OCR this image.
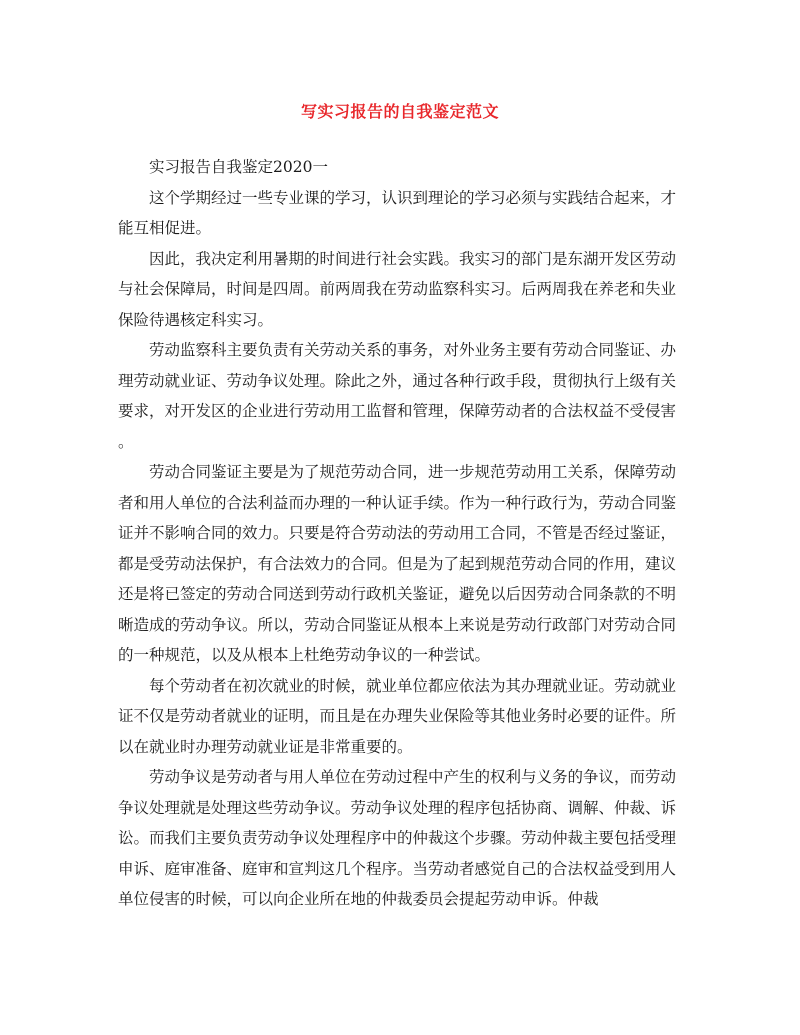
写实习报告的自我鉴定范文

实习报告自我鉴定2020一

这个学期经过一些专业课的学习，认识到理论的学习必须与实践结合起来，才能互相促进。

因此，我决定利用暑期的时间进行社会实践。我实习的部门是东湖开发区劳动与社会保障局，时间是四周。前两周我在劳动监察科实习。后两周我在养老和失业保险待遇核定科实习。

劳动监察科主要负责有关劳动关系的事务，对外业务主要有劳动合同鉴证、办理劳动就业证、劳动争议处理。除此之外，通过各种行政手段，贯彻执行上级有关要求，对开发区的企业进行劳动用工监督和管理，保障劳动者的合法权益不受侵害。

劳动合同鉴证主要是为了规范劳动合同，进一步规范劳动用工关系，保障劳动者和用人单位的合法利益而办理的一种认证手续。作为一种行政行为，劳动合同鉴证并不影响合同的效力。只要是符合劳动法的劳动用工合同，不管是否经过鉴证，都是受劳动法保护，有合法效力的合同。但是为了起到规范劳动合同的作用，建议还是将已签定的劳动合同送到劳动行政机关鉴证，避免以后因劳动合同条款的不明晰造成的劳动争议。所以，劳动合同鉴证从根本上来说是劳动行政部门对劳动合同的一种规范，以及从根本上杜绝劳动争议的一种尝试。

每个劳动者在初次就业的时候，就业单位都应依法为其办理就业证。劳动就业证不仅是劳动者就业的证明，而且是在办理失业保险等其他业务时必要的证件。所以在就业时办理劳动就业证是非常重要的。

劳动争议是劳动者与用人单位在劳动过程中产生的权利与义务的争议，而劳动争议处理就是处理这些劳动争议。劳动争议处理的程序包括协商、调解、仲裁、诉讼。而我们主要负责劳动争议处理程序中的仲裁这个步骤。劳动仲裁主要包括受理申诉、庭审准备、庭审和宣判这几个程序。当劳动者感觉自己的合法权益受到用人单位侵害的时候，可以向企业所在地的仲裁委员会提起劳动申诉。仲裁
